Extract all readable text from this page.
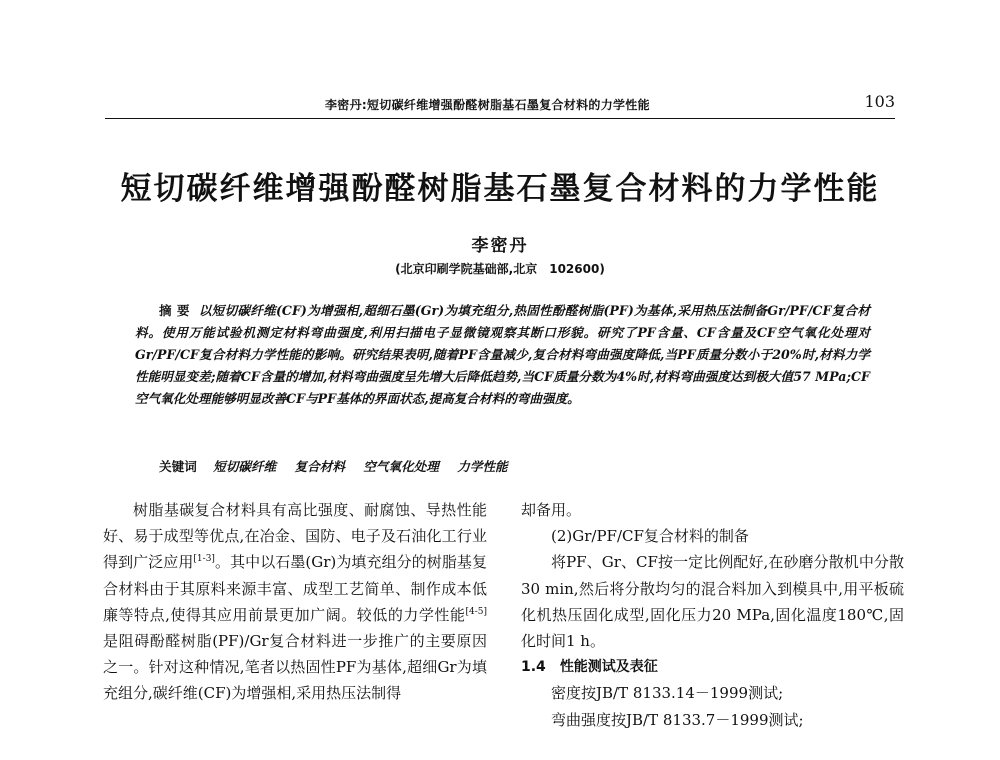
李密丹:短切碳纤维增强酚醛树脂基石墨复合材料的力学性能	103
短切碳纤维增强酚醛树脂基石墨复合材料的力学性能
李密丹
(北京印刷学院基础部,北京　102600)

摘要 以短切碳纤维(CF)为增强相,超细石墨(Gr)为填充组分,热固性酚醛树脂(PF)为基体,采用热压法制备Gr/PF/CF复合材料。使用万能试验机测定材料弯曲强度,利用扫描电子显微镜观察其断口形貌。研究了PF含量、CF含量及CF空气氧化处理对Gr/PF/CF复合材料力学性能的影响。研究结果表明,随着PF含量减少,复合材料弯曲强度降低,当PF质量分数小于20%时,材料力学性能明显变差;随着CF含量的增加,材料弯曲强度呈先增大后降低趋势,当CF质量分数为4%时,材料弯曲强度达到极大值57 MPa;CF空气氧化处理能够明显改善CF与PF基体的界面状态,提高复合材料的弯曲强度。

关键词 短切碳纤维 复合材料 空气氧化处理 力学性能

树脂基碳复合材料具有高比强度、耐腐蚀、导热性能好、易于成型等优点,在冶金、国防、电子及石油化工行业得到广泛应用[1-3]。其中以石墨(Gr)为填充组分的树脂基复合材料由于其原料来源丰富、成型工艺简单、制作成本低廉等特点,使得其应用前景更加广阔。较低的力学性能[4-5]是阻碍酚醛树脂(PF)/Gr复合材料进一步推广的主要原因之一。针对这种情况,笔者以热固性PF为基体,超细Gr为填充组分,碳纤维(CF)为增强相,采用热压法制得

却备用。

(2)Gr/PF/CF复合材料的制备

将PF、Gr、CF按一定比例配好,在砂磨分散机中分散30 min,然后将分散均匀的混合料加入到模具中,用平板硫化机热压固化成型,固化压力20 MPa,固化温度180℃,固化时间1 h。

1.4 性能测试及表征

密度按JB/T 8133.14－1999测试;

弯曲强度按JB/T 8133.7－1999测试;
